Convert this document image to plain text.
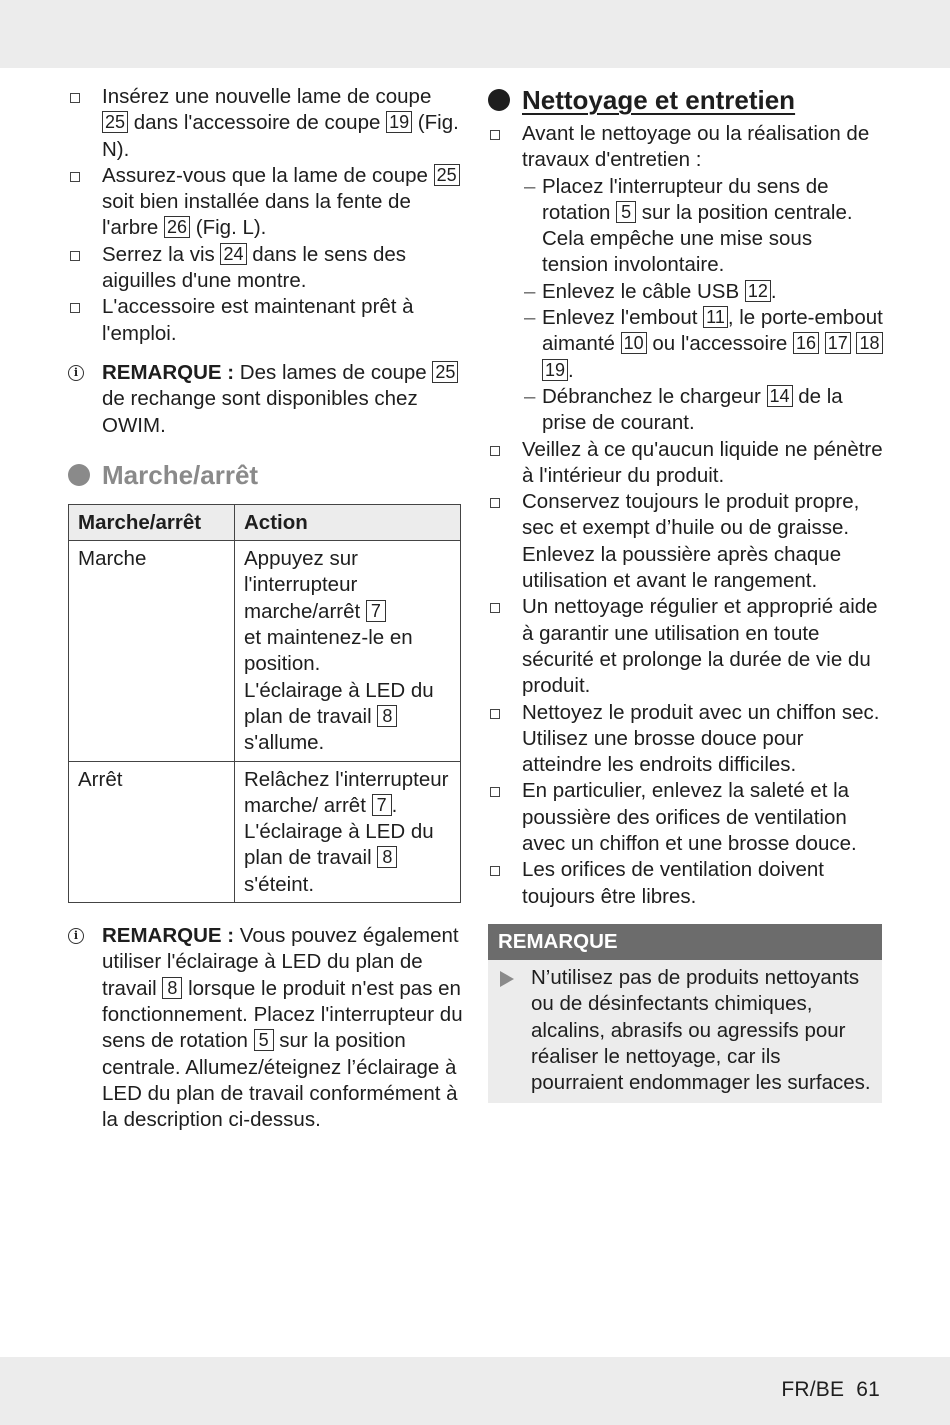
Insérez une nouvelle lame de coupe 25 dans l'accessoire de coupe 19 (Fig. N).
Assurez-vous que la lame de coupe 25 soit bien installée dans la fente de l'arbre 26 (Fig. L).
Serrez la vis 24 dans le sens des aiguilles d'une montre.
L'accessoire est maintenant prêt à l'emploi.
i REMARQUE : Des lames de coupe 25 de rechange sont disponibles chez OWIM.
Marche/arrêt
Marche/arrêt	Action
Marche	Appuyez sur l'interrupteur marche/arrêt 7
et maintenez-le en position.
L'éclairage à LED du plan de travail 8 s'allume.
Arrêt	Relâchez l'interrupteur marche/ arrêt 7 .
L'éclairage à LED du plan de travail 8 s'éteint.
i REMARQUE : Vous pouvez également utiliser l'éclairage à LED du plan de travail 8 lorsque le produit n'est pas en fonctionnement. Placez l'interrupteur du sens de rotation 5 sur la position centrale. Allumez/éteignez l’éclairage à LED du plan de travail conformément à la description ci-dessus.
Nettoyage et entretien
Avant le nettoyage ou la réalisation de travaux d'entretien :
– Placez l'interrupteur du sens de rotation 5 sur la position centrale. Cela empêche une mise sous tension involontaire.
– Enlevez le câble USB 12 .
– Enlevez l'embout 11 , le porte-embout aimanté 10 ou l'accessoire 16 17 18 19 .
– Débranchez le chargeur 14 de la prise de courant.
Veillez à ce qu'aucun liquide ne pénètre à l'intérieur du produit.
Conservez toujours le produit propre, sec et exempt d’huile ou de graisse. Enlevez la poussière après chaque utilisation et avant le rangement.
Un nettoyage régulier et approprié aide à garantir une utilisation en toute sécurité et prolonge la durée de vie du produit.
Nettoyez le produit avec un chiffon sec. Utilisez une brosse douce pour atteindre les endroits difficiles.
En particulier, enlevez la saleté et la poussière des orifices de ventilation avec un chiffon et une brosse douce.
Les orifices de ventilation doivent toujours être libres.
REMARQUE
N’utilisez pas de produits nettoyants ou de désinfectants chimiques, alcalins, abrasifs ou agressifs pour réaliser le nettoyage, car ils pourraient endommager les surfaces.
FR/BE 61
